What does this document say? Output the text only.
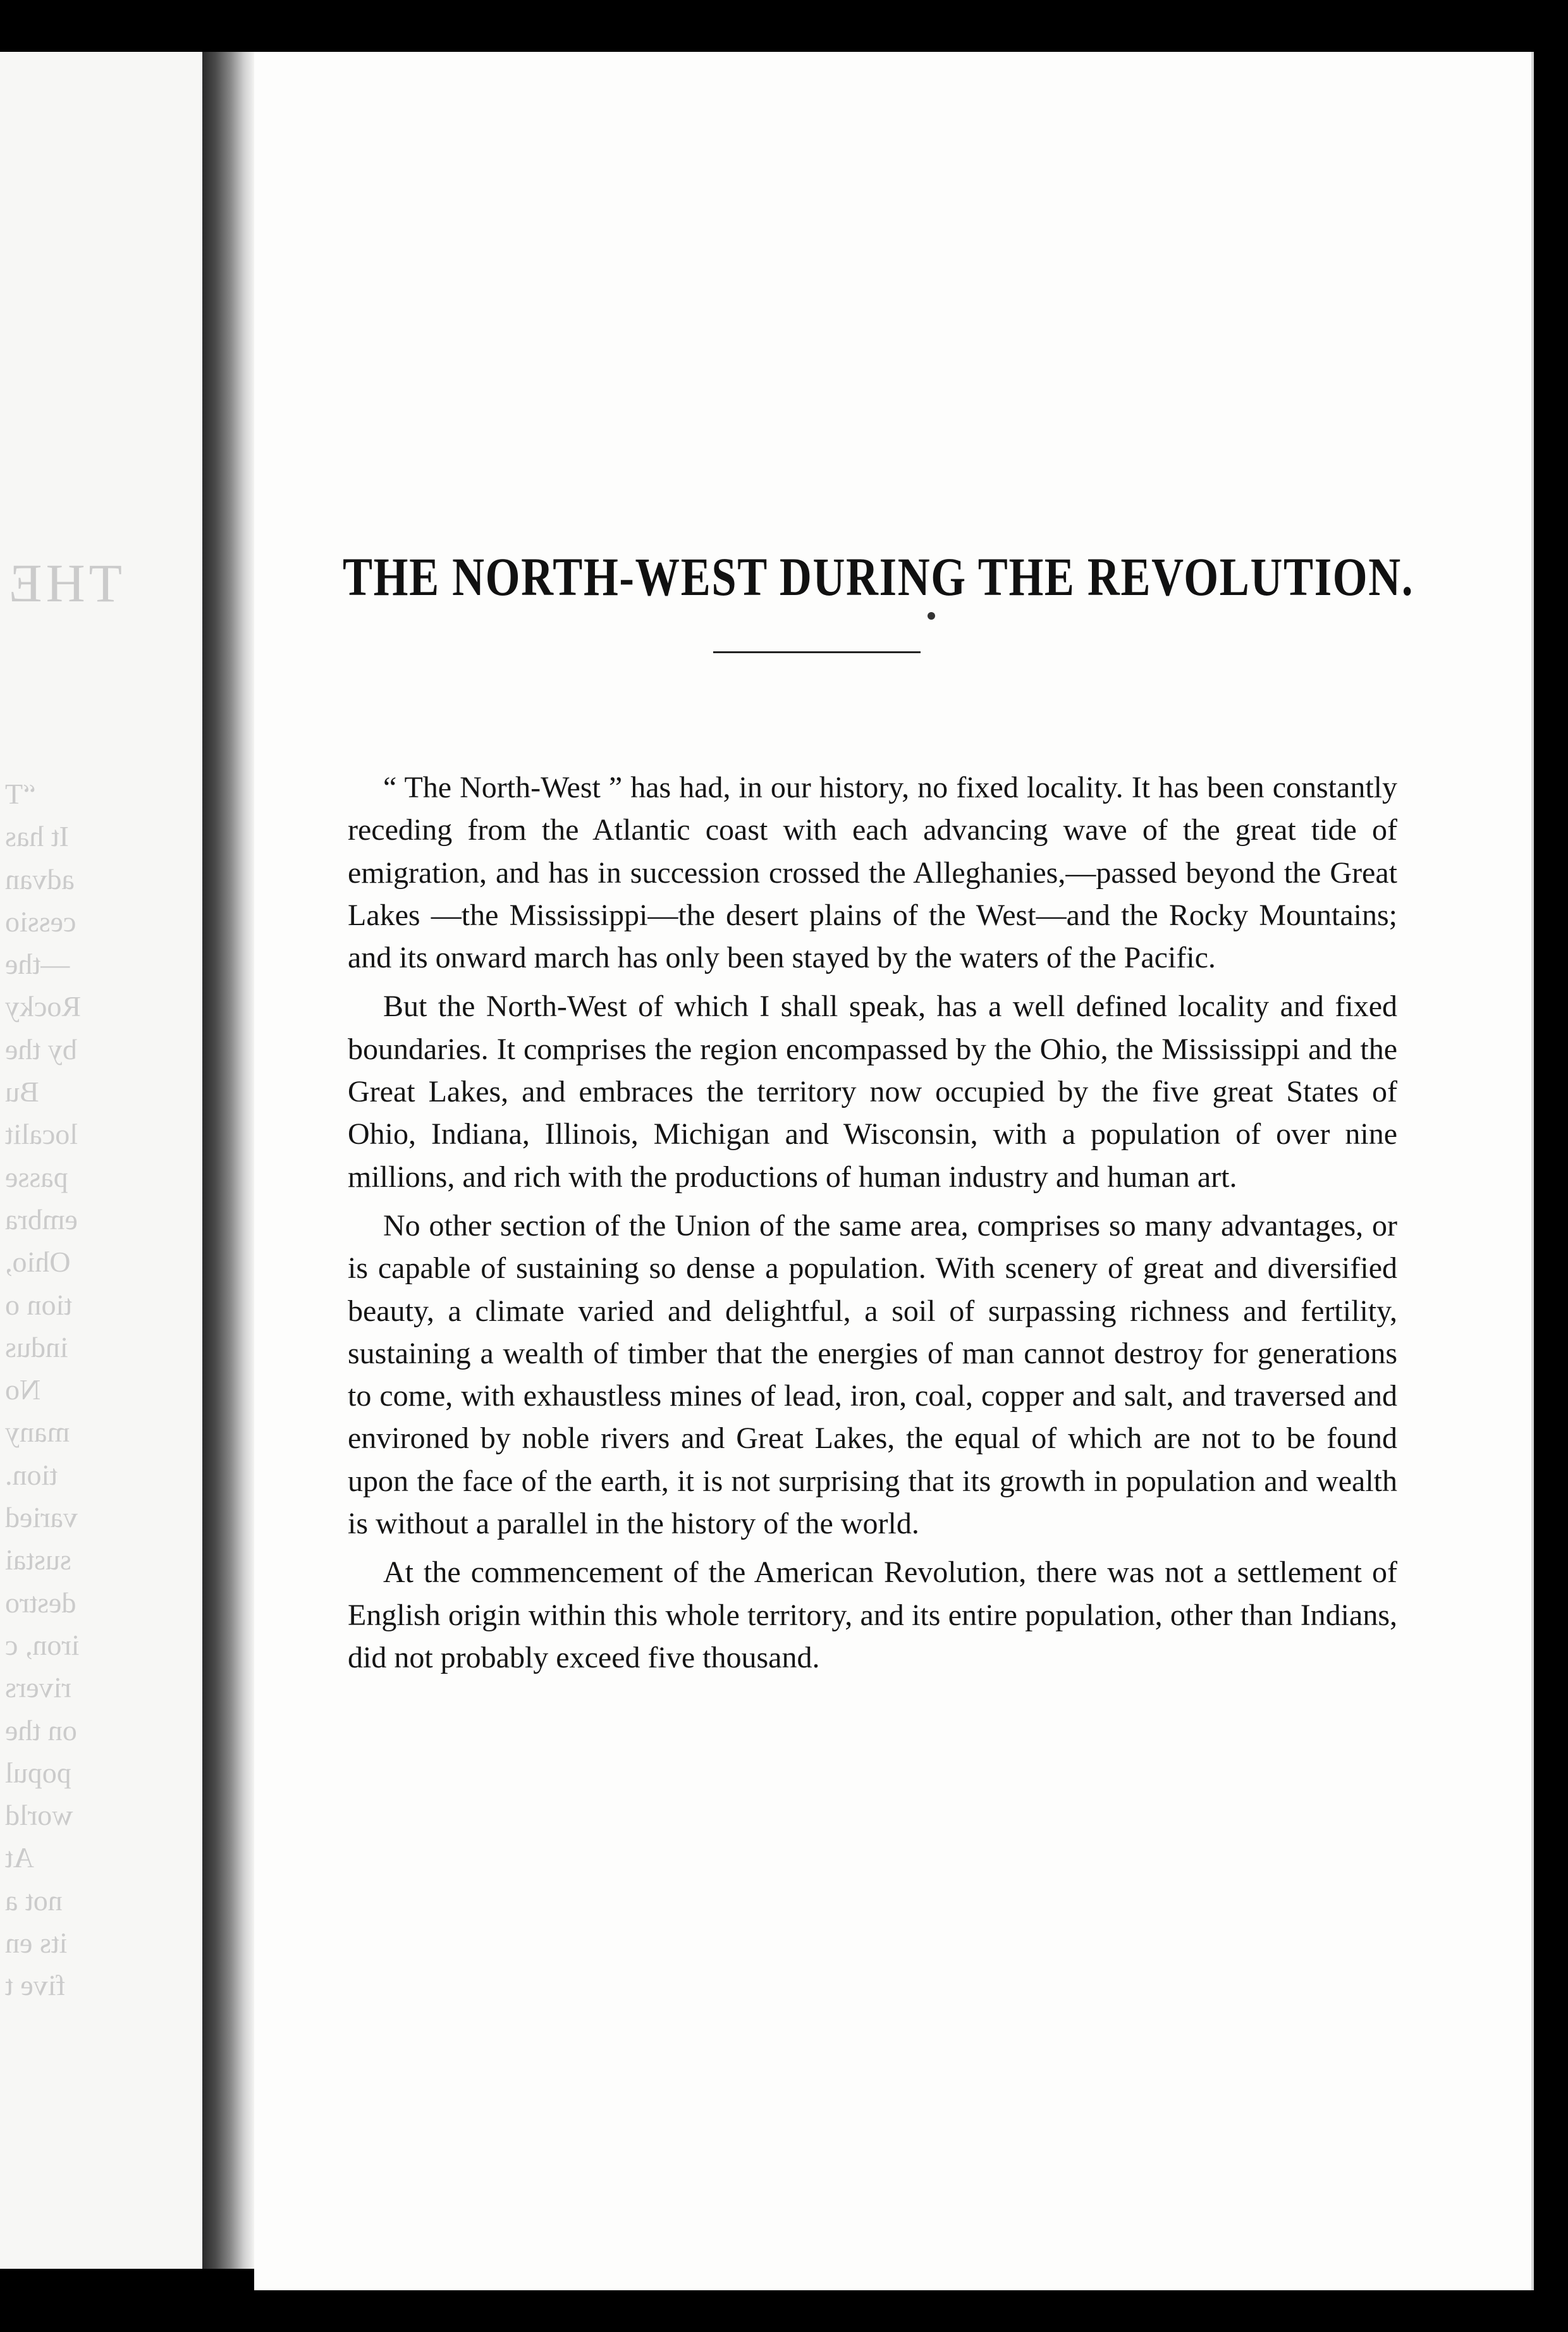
THE
“T
It has
advan
cessio
—the
Rocky
by the
Bu
localit
passe
embra
Ohio,
tion o
indus
No
many
tion.
varied
sustai
destro
iron, c
rivers
on the
popul
world
At
not a
its en
five t
THE NORTH-WEST DURING THE REVOLUTION.

“ The North-West ” has had, in our history, no fixed locality. It has been constantly receding from the Atlantic coast with each advancing wave of the great tide of emigration, and has in succession crossed the Alleghanies,—passed beyond the Great Lakes —the Mississippi—the desert plains of the West—and the Rocky Mountains; and its onward march has only been stayed by the waters of the Pacific.

But the North-West of which I shall speak, has a well defined locality and fixed boundaries. It comprises the region encompassed by the Ohio, the Mississippi and the Great Lakes, and embraces the territory now occupied by the five great States of Ohio, Indiana, Illinois, Michigan and Wisconsin, with a population of over nine millions, and rich with the productions of human industry and human art.

No other section of the Union of the same area, comprises so many advantages, or is capable of sustaining so dense a population. With scenery of great and diversified beauty, a climate varied and delightful, a soil of surpassing richness and fertility, sustaining a wealth of timber that the energies of man cannot destroy for generations to come, with exhaustless mines of lead, iron, coal, copper and salt, and traversed and environed by noble rivers and Great Lakes, the equal of which are not to be found upon the face of the earth, it is not surprising that its growth in population and wealth is without a parallel in the history of the world.

At the commencement of the American Revolution, there was not a settlement of English origin within this whole territory, and its entire population, other than Indians, did not probably exceed five thousand.
